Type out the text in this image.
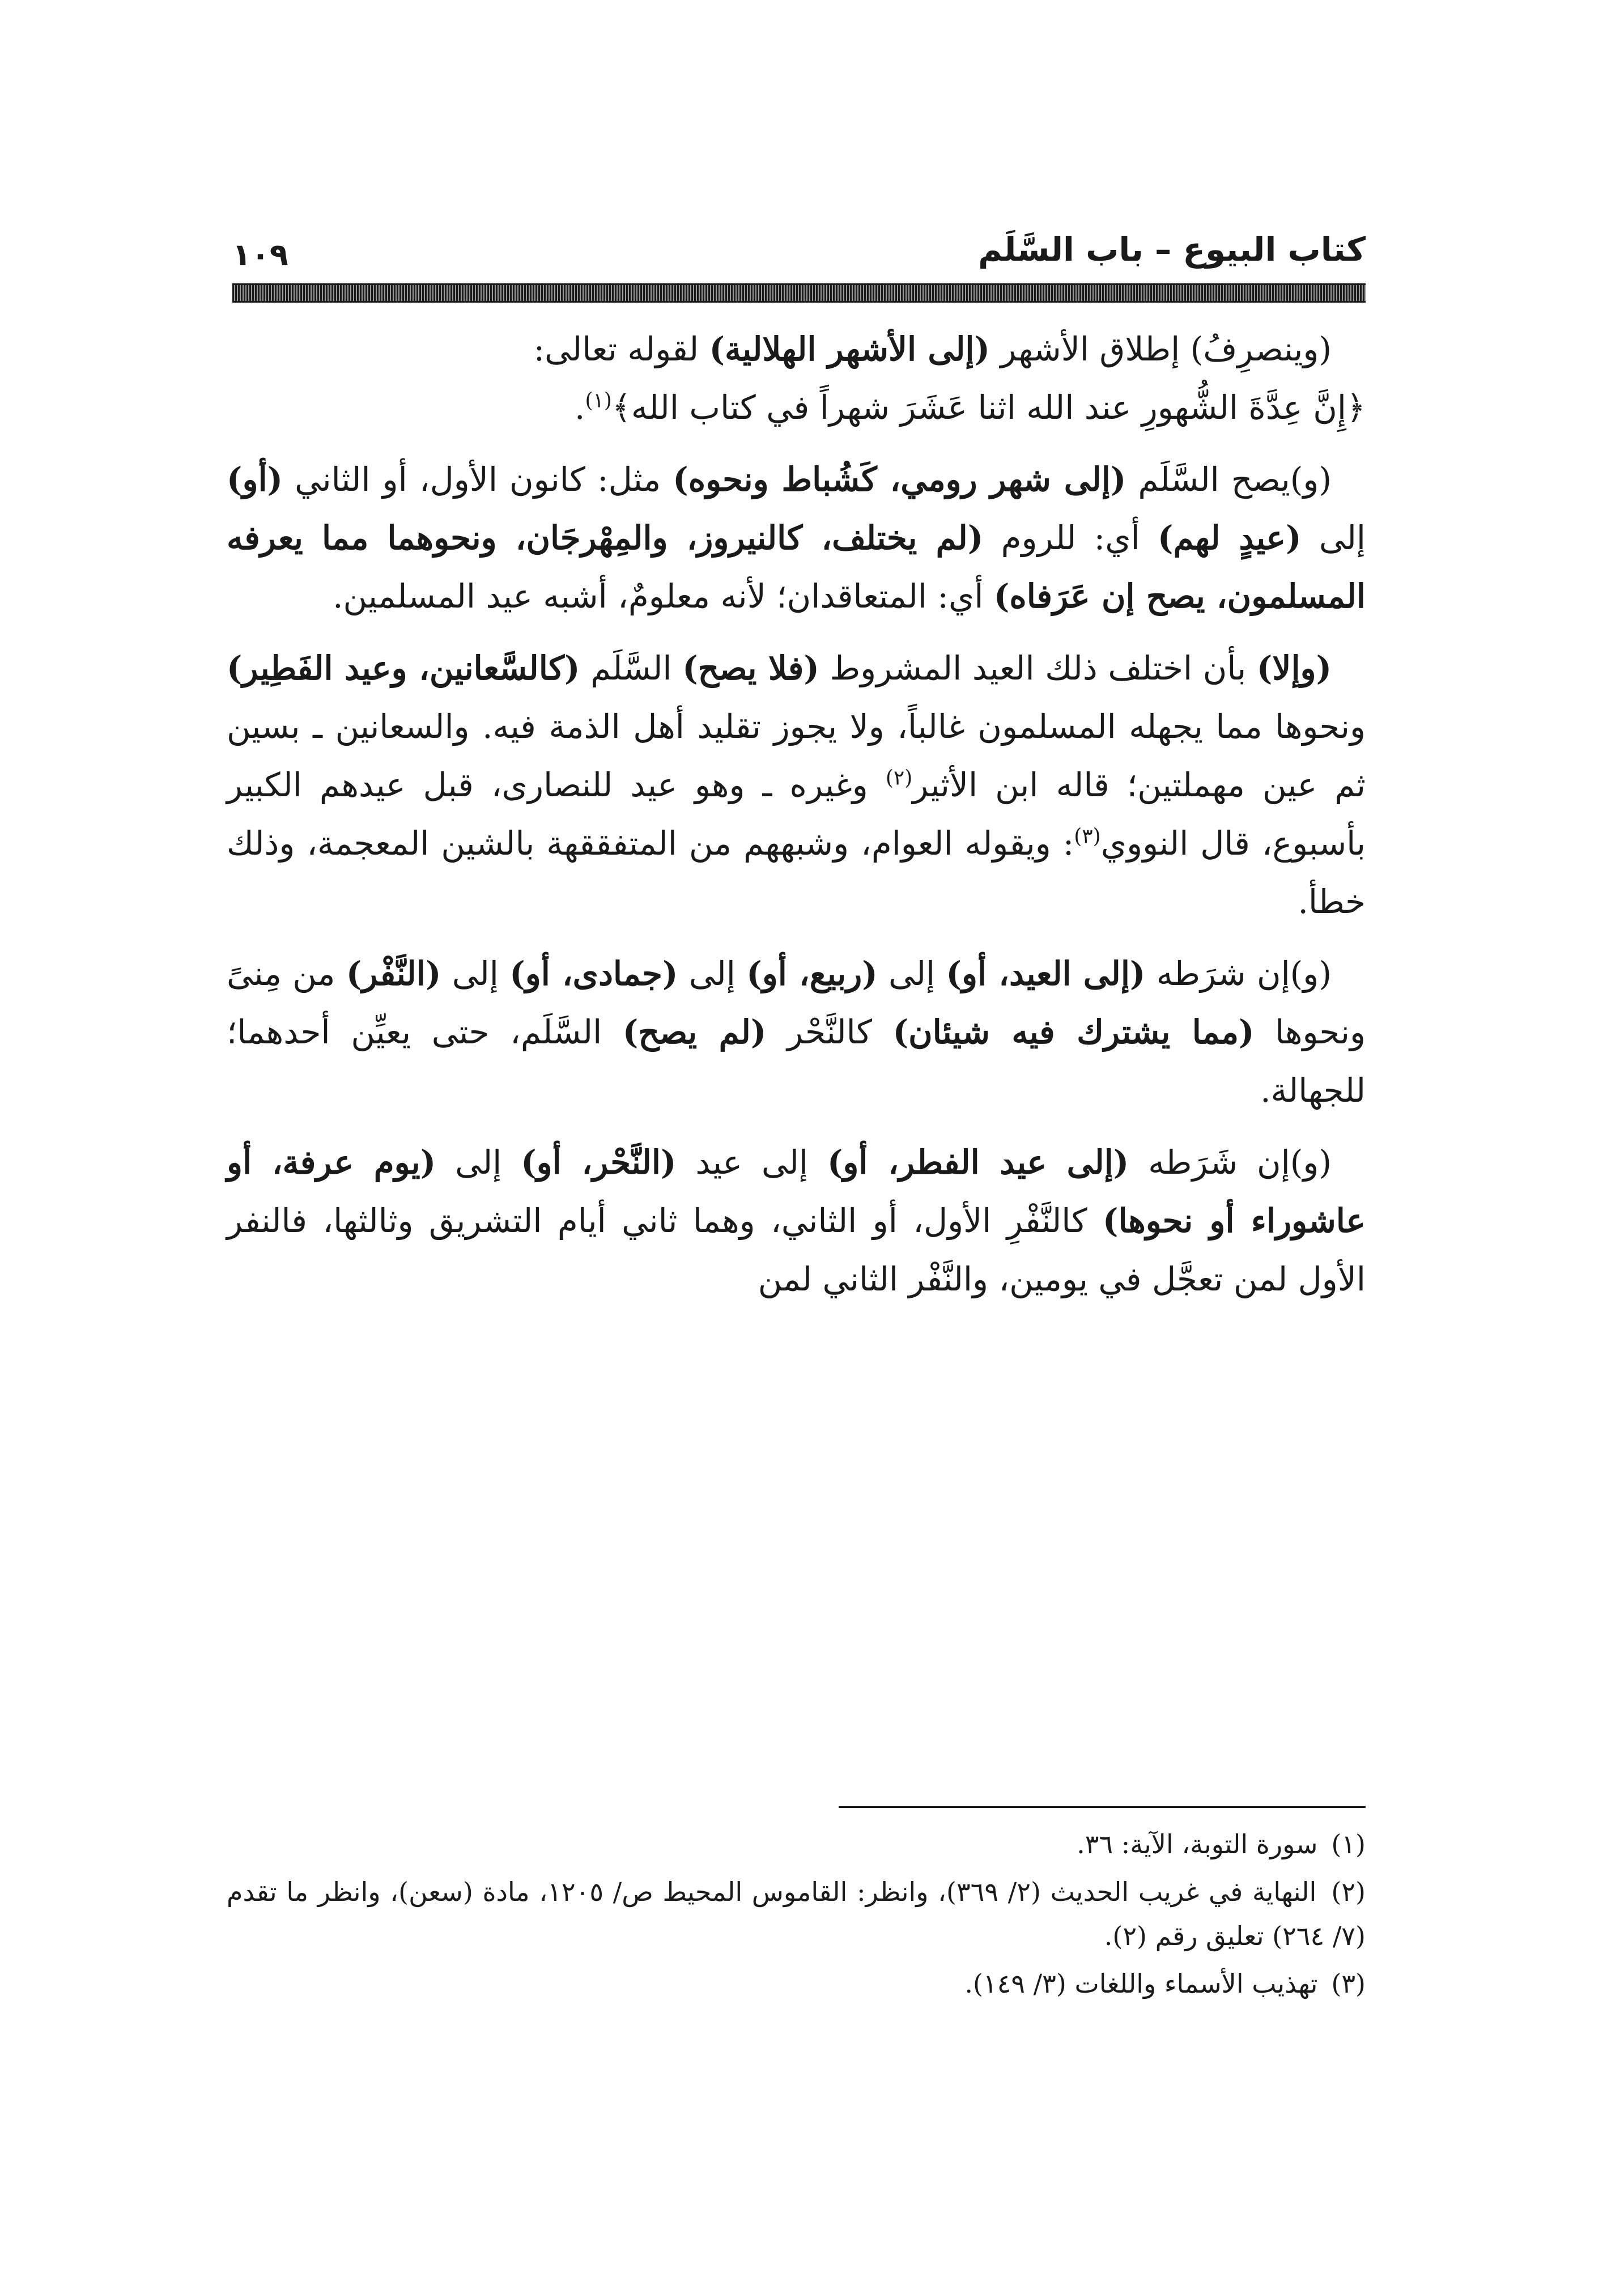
كتاب البيوع – باب السَّلَم
١٠٩

(وينصرِفُ) إطلاق الأشهر (إلى الأشهر الهلالية) لقوله تعالى:
﴿إِنَّ عِدَّةَ الشُّهورِ عند الله اثنا عَشَرَ شهراً في كتاب الله﴾$^{(١)}$.

(و)يصح السَّلَم (إلى شهر رومي، كَشُباط ونحوه) مثل: كانون الأول، أو الثاني (أو) إلى (عيدٍ لهم) أي: للروم (لم يختلف، كالنيروز، والمِهْرجَان، ونحوهما مما يعرفه المسلمون، يصح إن عَرَفاه) أي: المتعاقدان؛ لأنه معلومٌ، أشبه عيد المسلمين.

(وإلا) بأن اختلف ذلك العيد المشروط (فلا يصح) السَّلَم (كالسَّعانين، وعيد الفَطِير) ونحوها مما يجهله المسلمون غالباً، ولا يجوز تقليد أهل الذمة فيه. والسعانين ـ بسين ثم عين مهملتين؛ قاله ابن الأثير$^{(٢)}$ وغيره ـ وهو عيد للنصارى، قبل عيدهم الكبير بأسبوع، قال النووي$^{(٣)}$: ويقوله العوام، وشبههم من المتفققهة بالشين المعجمة، وذلك خطأ.

(و)إن شرَطه (إلى العيد، أو) إلى (ربيع، أو) إلى (جمادى، أو) إلى (النَّفْر) من مِنىً ونحوها (مما يشترك فيه شيئان) كالنَّحْر (لم يصح) السَّلَم، حتى يعيِّن أحدهما؛ للجهالة.

(و)إن شَرَطه (إلى عيد الفطر، أو) إلى عيد (النَّحْر، أو) إلى (يوم عرفة، أو عاشوراء أو نحوها) كالنَّفْرِ الأول، أو الثاني، وهما ثاني أيام التشريق وثالثها، فالنفر الأول لمن تعجَّل في يومين، والنَّفْر الثاني لمن

(١) سورة التوبة، الآية: ٣٦.
(٢) النهاية في غريب الحديث (٢/ ٣٦٩)، وانظر: القاموس المحيط ص/ ١٢٠٥، مادة (سعن)، وانظر ما تقدم (٧/ ٢٦٤) تعليق رقم (٢).
(٣) تهذيب الأسماء واللغات (٣/ ١٤٩).
